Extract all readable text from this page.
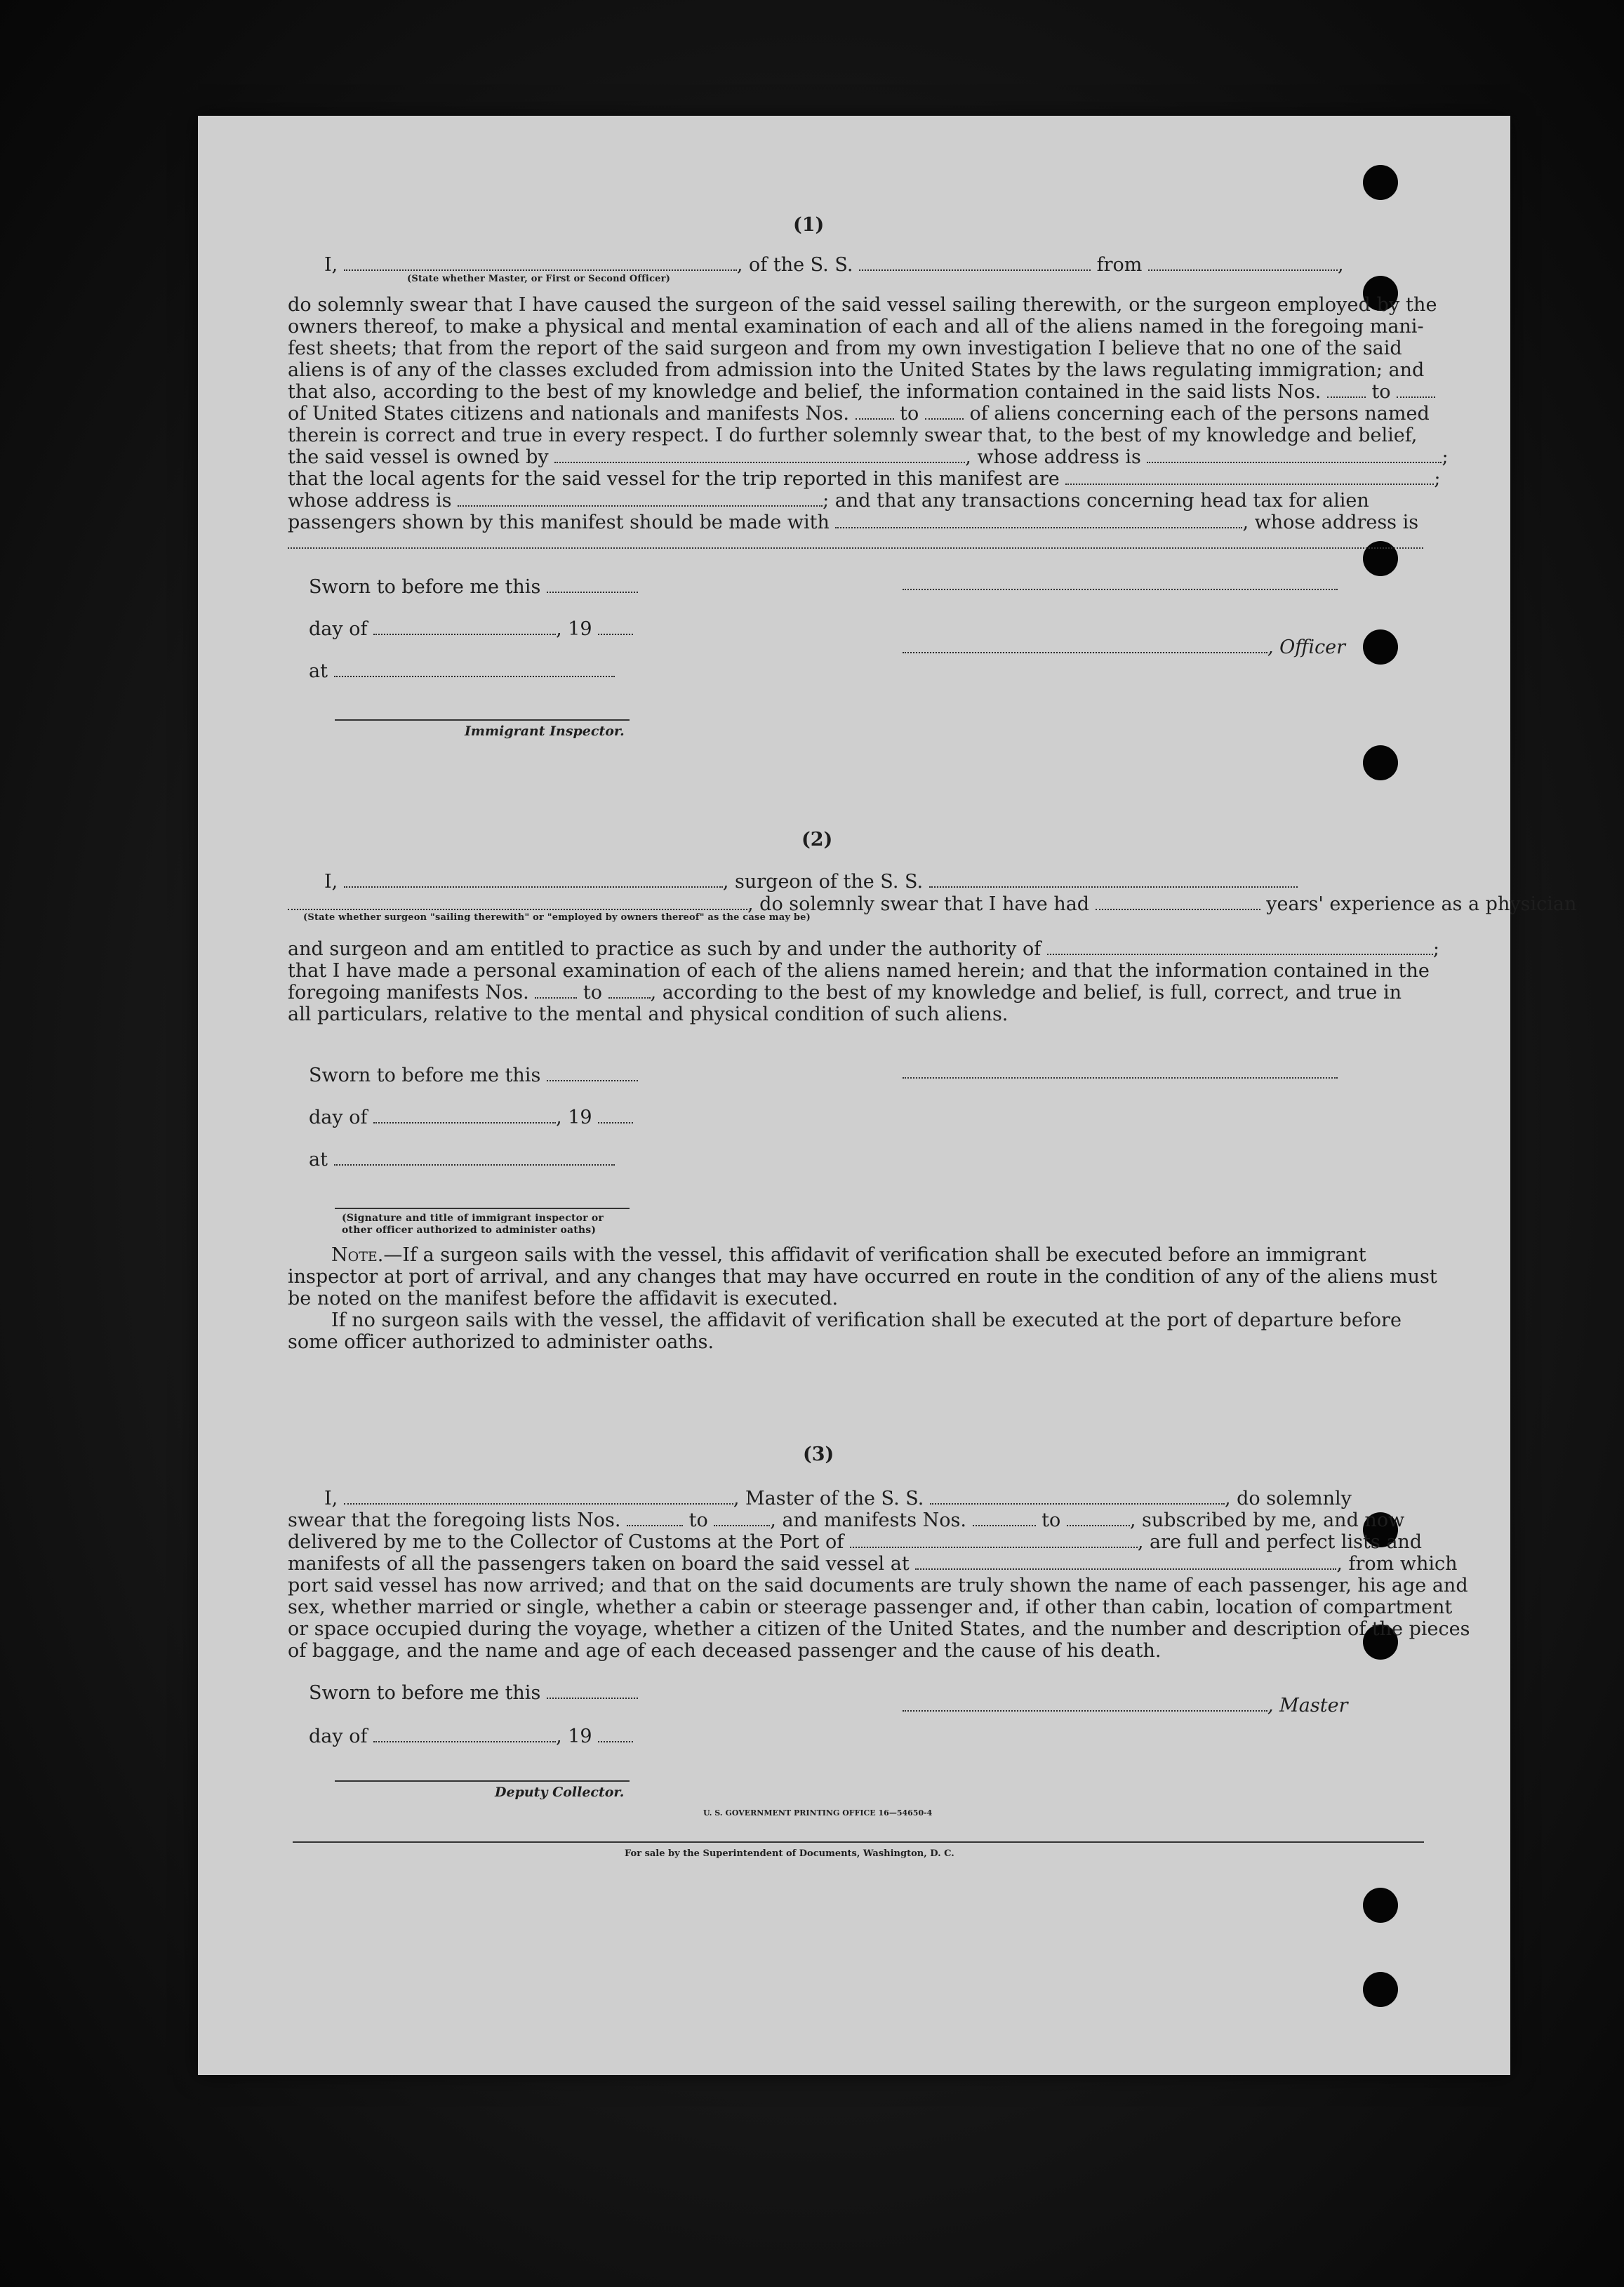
(1)
I,	, of the S. S.	from	,
(State whether Master, or First or Second Officer)
do solemnly swear that I have caused the surgeon of the said vessel sailing therewith, or the surgeon employed by the
owners thereof, to make a physical and mental examination of each and all of the aliens named in the foregoing mani-
fest sheets; that from the report of the said surgeon and from my own investigation I believe that no one of the said
aliens is of any of the classes excluded from admission into the United States by the laws regulating immigration; and
that also, according to the best of my knowledge and belief, the information contained in the said lists Nos.	to
of United States citizens and nationals and manifests Nos.	to	of aliens concerning each of the persons named
therein is correct and true in every respect. I do further solemnly swear that, to the best of my knowledge and belief,
the said vessel is owned by	, whose address is	;
that the local agents for the said vessel for the trip reported in this manifest are	;
whose address is	; and that any transactions concerning head tax for alien
passengers shown by this manifest should be made with	, whose address is
Sworn to before me this
day of	, 19
, Officer
at
Immigrant Inspector.
(2)
I,	, surgeon of the S. S.
, do solemnly swear that I have had	years' experience as a physician
(State whether surgeon "sailing therewith" or "employed by owners thereof" as the case may be)
and surgeon and am entitled to practice as such by and under the authority of	;
that I have made a personal examination of each of the aliens named herein; and that the information contained in the
foregoing manifests Nos.	to	, according to the best of my knowledge and belief, is full, correct, and true in
all particulars, relative to the mental and physical condition of such aliens.
Sworn to before me this
day of	, 19
at
(Signature and title of immigrant inspector or
other officer authorized to administer oaths)
Note.—If a surgeon sails with the vessel, this affidavit of verification shall be executed before an immigrant
inspector at port of arrival, and any changes that may have occurred en route in the condition of any of the aliens must
be noted on the manifest before the affidavit is executed.
If no surgeon sails with the vessel, the affidavit of verification shall be executed at the port of departure before
some officer authorized to administer oaths.
(3)
I,	, Master of the S. S.	, do solemnly
swear that the foregoing lists Nos.	to	, and manifests Nos.	to	, subscribed by me, and now
delivered by me to the Collector of Customs at the Port of	, are full and perfect lists and
manifests of all the passengers taken on board the said vessel at	, from which
port said vessel has now arrived; and that on the said documents are truly shown the name of each passenger, his age and
sex, whether married or single, whether a cabin or steerage passenger and, if other than cabin, location of compartment
or space occupied during the voyage, whether a citizen of the United States, and the number and description of the pieces
of baggage, and the name and age of each deceased passenger and the cause of his death.
Sworn to before me this
, Master
day of	, 19
Deputy Collector.
U. S. GOVERNMENT PRINTING OFFICE 16—54650-4
For sale by the Superintendent of Documents, Washington, D. C.
